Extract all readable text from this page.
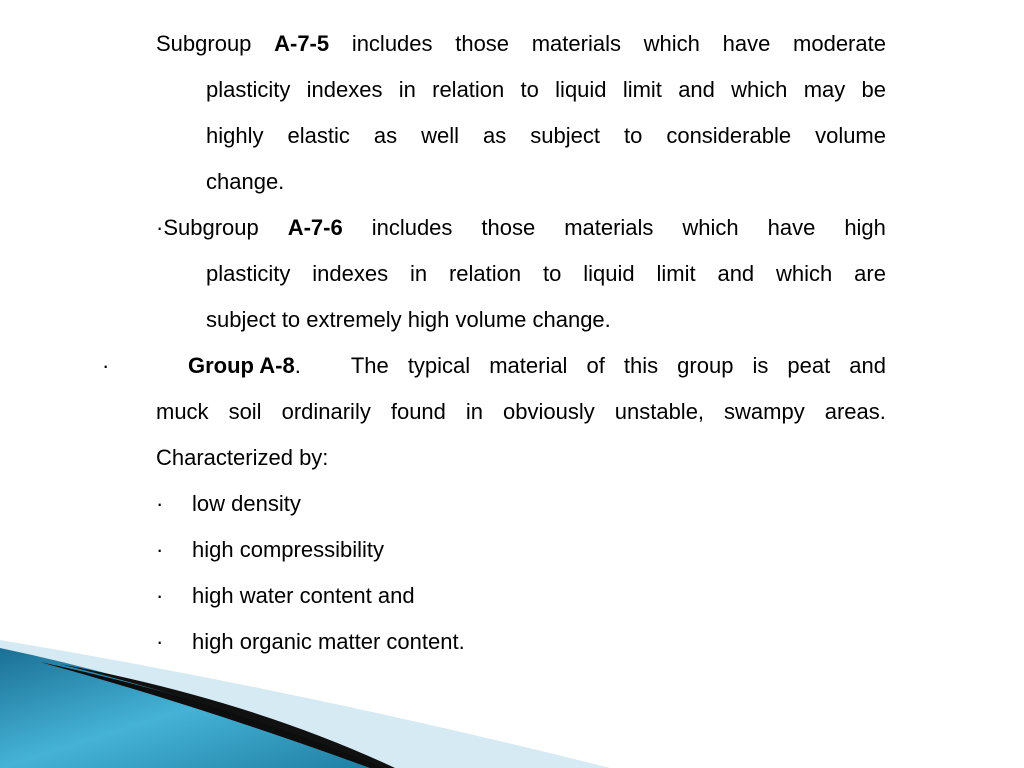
Subgroup A-7-5 includes those materials which have moderate
plasticity indexes in relation to liquid limit and which may be
highly elastic as well as subject to considerable volume
change.
·Subgroup A-7-6 includes those materials which have high
plasticity indexes in relation to liquid limit and which are
subject to extremely high volume change.
·	Group A-8. The typical material of this group is peat and
muck soil ordinarily found in obviously unstable, swampy areas.
Characterized by:
· low density
· high compressibility
· high water content and
· high organic matter content.
